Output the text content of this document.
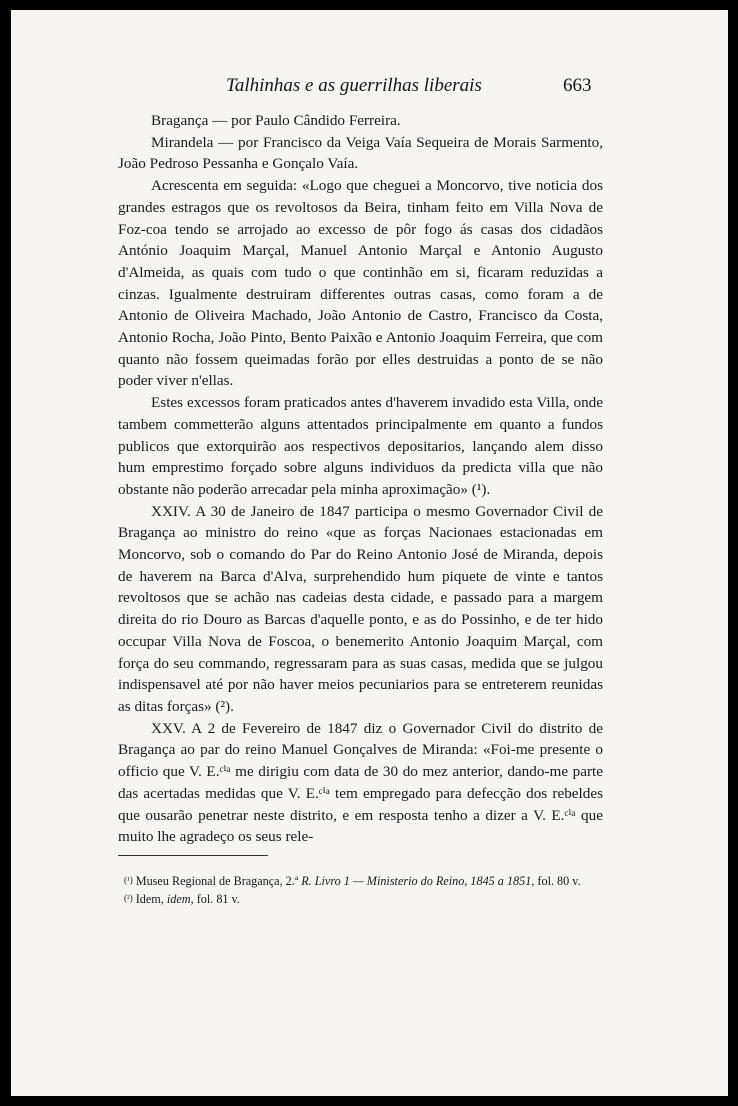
Talhinhas e as guerrilhas liberais	663

Bragança — por Paulo Cândido Ferreira.

Mirandela — por Francisco da Veiga Vaía Sequeira de Morais Sarmento, João Pedroso Pessanha e Gonçalo Vaía.

Acrescenta em seguida: «Logo que cheguei a Moncorvo, tive noticia dos grandes estragos que os revoltosos da Beira, tinham feito em Villa Nova de Foz-coa tendo se arrojado ao excesso de pôr fogo ás casas dos cidadãos António Joaquim Marçal, Manuel Antonio Marçal e Antonio Augusto d'Almeida, as quais com tudo o que continhão em si, ficaram reduzidas a cinzas. Igualmente destruiram differentes outras casas, como foram a de Antonio de Oliveira Machado, João Antonio de Castro, Francisco da Costa, Antonio Rocha, João Pinto, Bento Paixão e Antonio Joaquim Ferreira, que com quanto não fossem queimadas forão por elles destruidas a ponto de se não poder viver n'ellas.

Estes excessos foram praticados antes d'haverem invadido esta Villa, onde tambem commetterão alguns attentados principalmente em quanto a fundos publicos que extorquirão aos respectivos depositarios, lançando alem disso hum emprestimo forçado sobre alguns individuos da predicta villa que não obstante não poderão arrecadar pela minha aproximação» (¹).

XXIV. A 30 de Janeiro de 1847 participa o mesmo Governador Civil de Bragança ao ministro do reino «que as forças Nacionaes estacionadas em Moncorvo, sob o comando do Par do Reino Antonio José de Miranda, depois de haverem na Barca d'Alva, surprehendido hum piquete de vinte e tantos revoltosos que se achão nas cadeias desta cidade, e passado para a margem direita do rio Douro as Barcas d'aquelle ponto, e as do Possinho, e de ter hido occupar Villa Nova de Foscoa, o benemerito Antonio Joaquim Marçal, com força do seu commando, regressaram para as suas casas, medida que se julgou indispensavel até por não haver meios pecuniarios para se entreterem reunidas as ditas forças» (²).

XXV. A 2 de Fevereiro de 1847 diz o Governador Civil do distrito de Bragança ao par do reino Manuel Gonçalves de Miranda: «Foi-me presente o officio que V. E.ᶜⁱᵃ me dirigiu com data de 30 do mez anterior, dando-me parte das acertadas medidas que V. E.ᶜⁱᵃ tem empregado para defecção dos rebeldes que ousarão penetrar neste distrito, e em resposta tenho a dizer a V. E.ᶜⁱᵃ que muito lhe agradeço os seus rele-

(¹) Museu Regional de Bragança, 2.ª R. Livro 1 — Ministerio do Reino, 1845 a 1851, fol. 80 v.

(²) Idem, idem, fol. 81 v.
